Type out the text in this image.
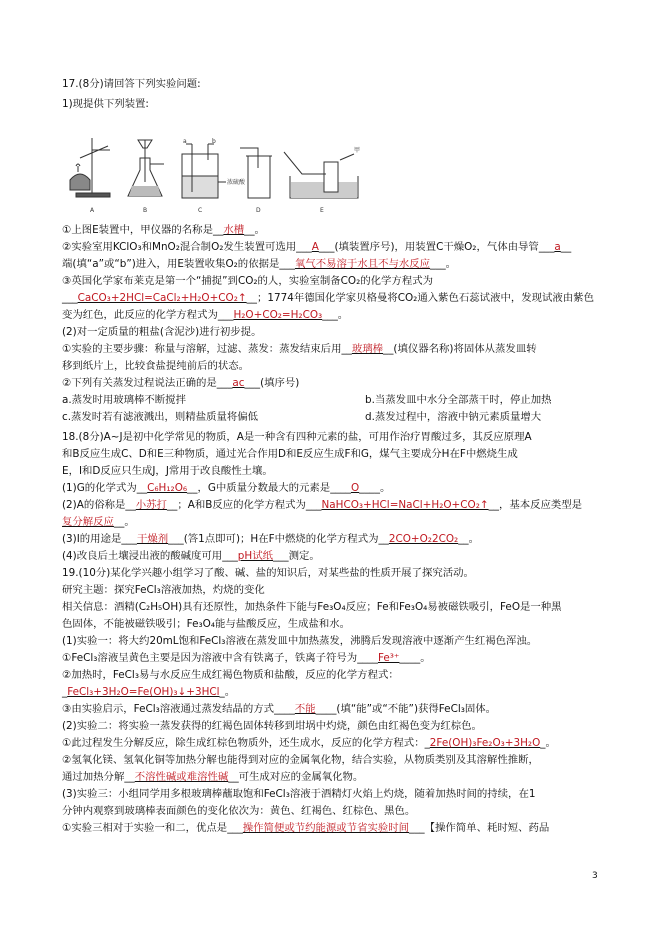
17.(8分)请回答下列实验问题:
1)现提供下列装置:
a	b
浓硫酸
甲
A	B	C	D	E
①上图E装置中，甲仪器的名称是__水槽__。
②实验室用KClO₃和MnO₂混合制O₂发生装置可选用___A___(填装置序号)，用装置C干燥O₂，气体由导管___a__
端(填“a”或“b”)进入，用E装置收集O₂的依据是___氧气不易溶于水且不与水反应___。
③英国化学家布莱克是第一个“捕捉”到CO₂的人，实验室制备CO₂的化学方程式为
___CaCO₃+2HCl=CaCl₂+H₂O+CO₂↑__；1774年德国化学家贝格曼将CO₂通入紫色石蕊试液中，发现试液由紫色
变为红色，此反应的化学方程式为___H₂O+CO₂=H₂CO₃___。
(2)对一定质量的粗盐(含泥沙)进行初步提。
①实验的主要步骤：称量与溶解，过滤、蒸发：蒸发结束后用__玻璃棒__(填仪器名称)将固体从蒸发皿转
移到纸片上，比较食盐提纯前后的状态。
②下列有关蒸发过程说法正确的是___ac___(填序号)
a.蒸发时用玻璃棒不断搅拌	b.当蒸发皿中水分全部蒸干时，停止加热
c.蒸发时若有滤液溅出，则精盐质量将偏低	d.蒸发过程中，溶液中钠元素质量增大
18.(8分)A~J是初中化学常见的物质，A是一种含有四种元素的盐，可用作治疗胃酸过多，其反应原理A
和B反应生成C、D和E三种物质，通过光合作用D和E反应生成F和G，煤气主要成分H在F中燃烧生成
E，I和D反应只生成J，J常用于改良酸性土壤。
(1)G的化学式为__C₆H₁₂O₆__，G中质量分数最大的元素是____O____。
(2)A的俗称是__小苏打__；A和B反应的化学方程式为___NaHCO₃+HCl=NaCl+H₂O+CO₂↑__，基本反应类型是
复分解反应__。
(3)I的用途是___干燥剂___(答1点即可)；H在F中燃烧的化学方程式为__2CO+O₂2CO₂__。
(4)改良后土壤浸出液的酸碱度可用___pH试纸___测定。
19.(10分)某化学兴趣小组学习了酸、碱、盐的知识后，对某些盐的性质开展了探究活动。
研究主题：探究FeCl₃溶液加热，灼烧的变化
相关信息：酒精(C₂H₅OH)具有还原性，加热条件下能与Fe₃O₄反应；Fe和Fe₃O₄易被磁铁吸引，FeO是一种黑
色固体，不能被磁铁吸引；Fe₃O₄能与盐酸反应，生成盐和水。
(1)实验一：将大约20mL饱和FeCl₃溶液在蒸发皿中加热蒸发，沸腾后发现溶液中逐渐产生红褐色浑浊。
①FeCl₃溶液呈黄色主要是因为溶液中含有铁离子，铁离子符号为____Fe³⁺____。
②加热时，FeCl₃易与水反应生成红褐色物质和盐酸，反应的化学方程式：
_FeCl₃+3H₂O=Fe(OH)₃↓+3HCl_。
③由实验启示，FeCl₃溶液通过蒸发结晶的方式____不能____(填“能”或“不能”)获得FeCl₃固体。
(2)实验二：将实验一蒸发获得的红褐色固体转移到坩埚中灼烧，颜色由红褐色变为红棕色。
①此过程发生分解反应，除生成红棕色物质外，还生成水，反应的化学方程式：_2Fe(OH)₃Fe₂O₃+3H₂O_。
②氢氧化镁、氢氧化铜等加热分解也能得到对应的金属氧化物，结合实验，从物质类别及其溶解性推断，
通过加热分解__不溶性碱或难溶性碱__可生成对应的金属氧化物。
(3)实验三：小组同学用多根玻璃棒蘸取饱和FeCl₃溶液于酒精灯火焰上灼烧，随着加热时间的持续，在1
分钟内观察到玻璃棒表面颜色的变化依次为：黄色、红褐色、红棕色、黑色。
①实验三相对于实验一和二，优点是___操作简便或节约能源或节省实验时间___【操作简单、耗时短、药品
3
